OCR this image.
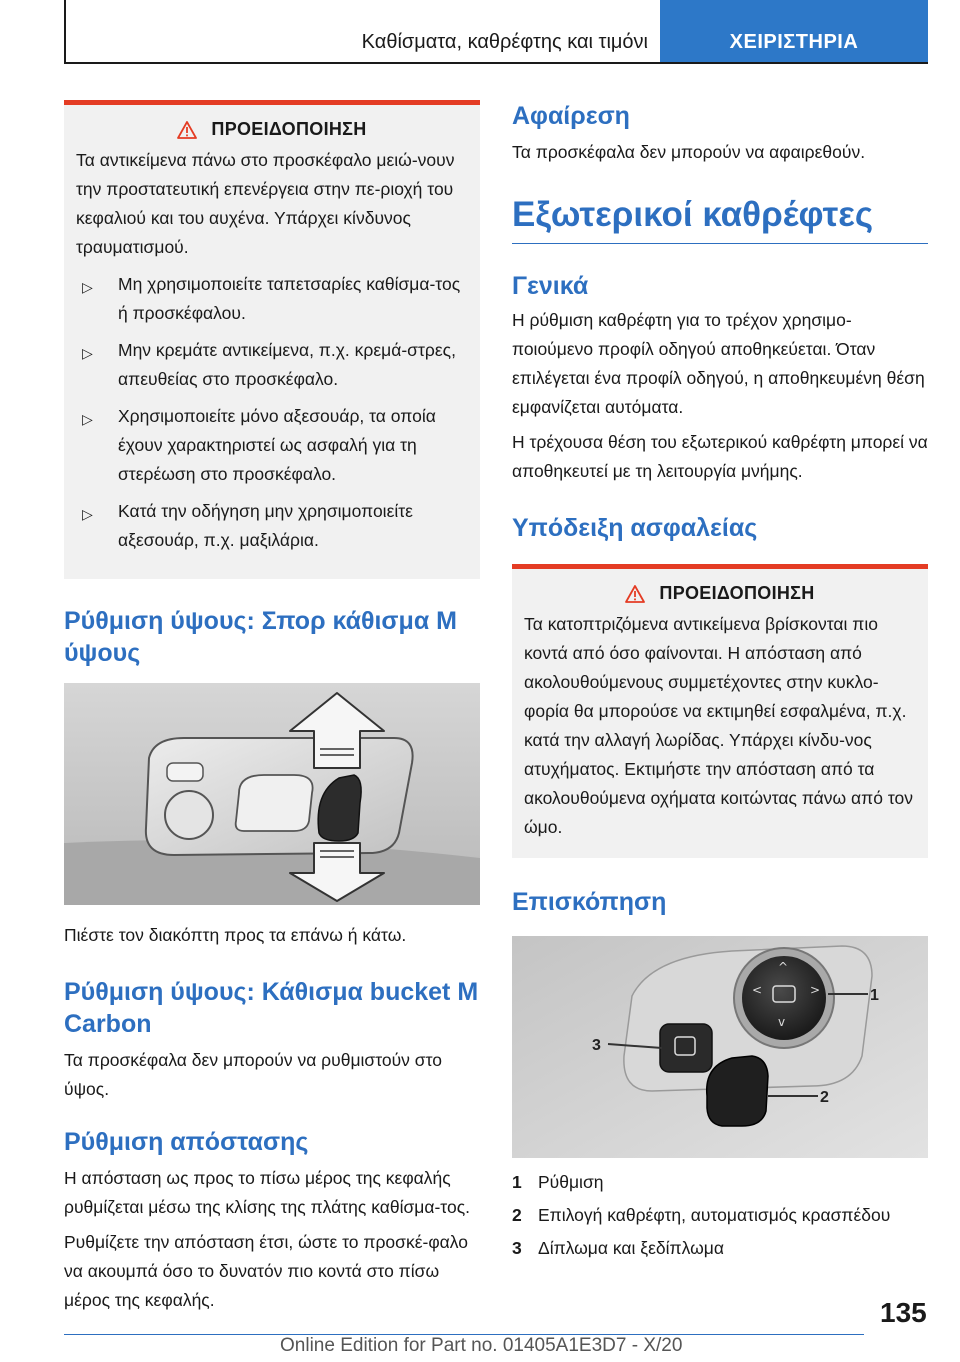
Καθίσματα, καθρέφτης και τιμόνι	ΧΕΙΡΙΣΤΗΡΙΑ
ΠΡΟΕΙΔΟΠΟΙΗΣΗ

Τα αντικείμενα πάνω στο προσκέφαλο μειώ-νουν την προστατευτική επενέργεια στην πε-ριοχή του κεφαλιού και του αυχένα. Υπάρχει κίνδυνος τραυματισμού.

▷ Μη χρησιμοποιείτε ταπετσαρίες καθίσμα-τος ή προσκέφαλου.
▷ Μην κρεμάτε αντικείμενα, π.χ. κρεμά-στρες, απευθείας στο προσκέφαλο.
▷ Χρησιμοποιείτε μόνο αξεσουάρ, τα οποία έχουν χαρακτηριστεί ως ασφαλή για τη στερέωση στο προσκέφαλο.
▷ Κατά την οδήγηση μην χρησιμοποιείτε αξεσουάρ, π.χ. μαξιλάρια.
Ρύθμιση ύψους: Σπορ κάθισμα M ύψους

Πιέστε τον διακόπτη προς τα επάνω ή κάτω.

Ρύθμιση ύψους: Κάθισμα bucket M Carbon

Τα προσκέφαλα δεν μπορούν να ρυθμιστούν στο ύψος.

Ρύθμιση απόστασης

Η απόσταση ως προς το πίσω μέρος της κεφαλής ρυθμίζεται μέσω της κλίσης της πλάτης καθίσμα-τος.

Ρυθμίζετε την απόσταση έτσι, ώστε το προσκέ-φαλο να ακουμπά όσο το δυνατόν πιο κοντά στο πίσω μέρος της κεφαλής.

Αφαίρεση

Τα προσκέφαλα δεν μπορούν να αφαιρεθούν.

Εξωτερικοί καθρέφτες
Γενικά

Η ρύθμιση καθρέφτη για το τρέχον χρησιμο-ποιούμενο προφίλ οδηγού αποθηκεύεται. Όταν επιλέγεται ένα προφίλ οδηγού, η αποθηκευμένη θέση εμφανίζεται αυτόματα.

Η τρέχουσα θέση του εξωτερικού καθρέφτη μπορεί να αποθηκευτεί με τη λειτουργία μνήμης.

Υπόδειξη ασφαλείας
ΠΡΟΕΙΔΟΠΟΙΗΣΗ

Τα κατοπτριζόμενα αντικείμενα βρίσκονται πιο κοντά από όσο φαίνονται. Η απόσταση από ακολουθούμενους συμμετέχοντες στην κυκλο-φορία θα μπορούσε να εκτιμηθεί εσφαλμένα, π.χ. κατά την αλλαγή λωρίδας. Υπάρχει κίνδυ-νος ατυχήματος. Εκτιμήστε την απόσταση από τα ακολουθούμενα οχήματα κοιτώντας πάνω από τον ώμο.

Επισκόπηση
<	>
^
v
1
2
3
1 Ρύθμιση
2 Επιλογή καθρέφτη, αυτοματισμός κρασπέδου
3 Δίπλωμα και ξεδίπλωμα
135
Online Edition for Part no. 01405A1E3D7 - X/20
